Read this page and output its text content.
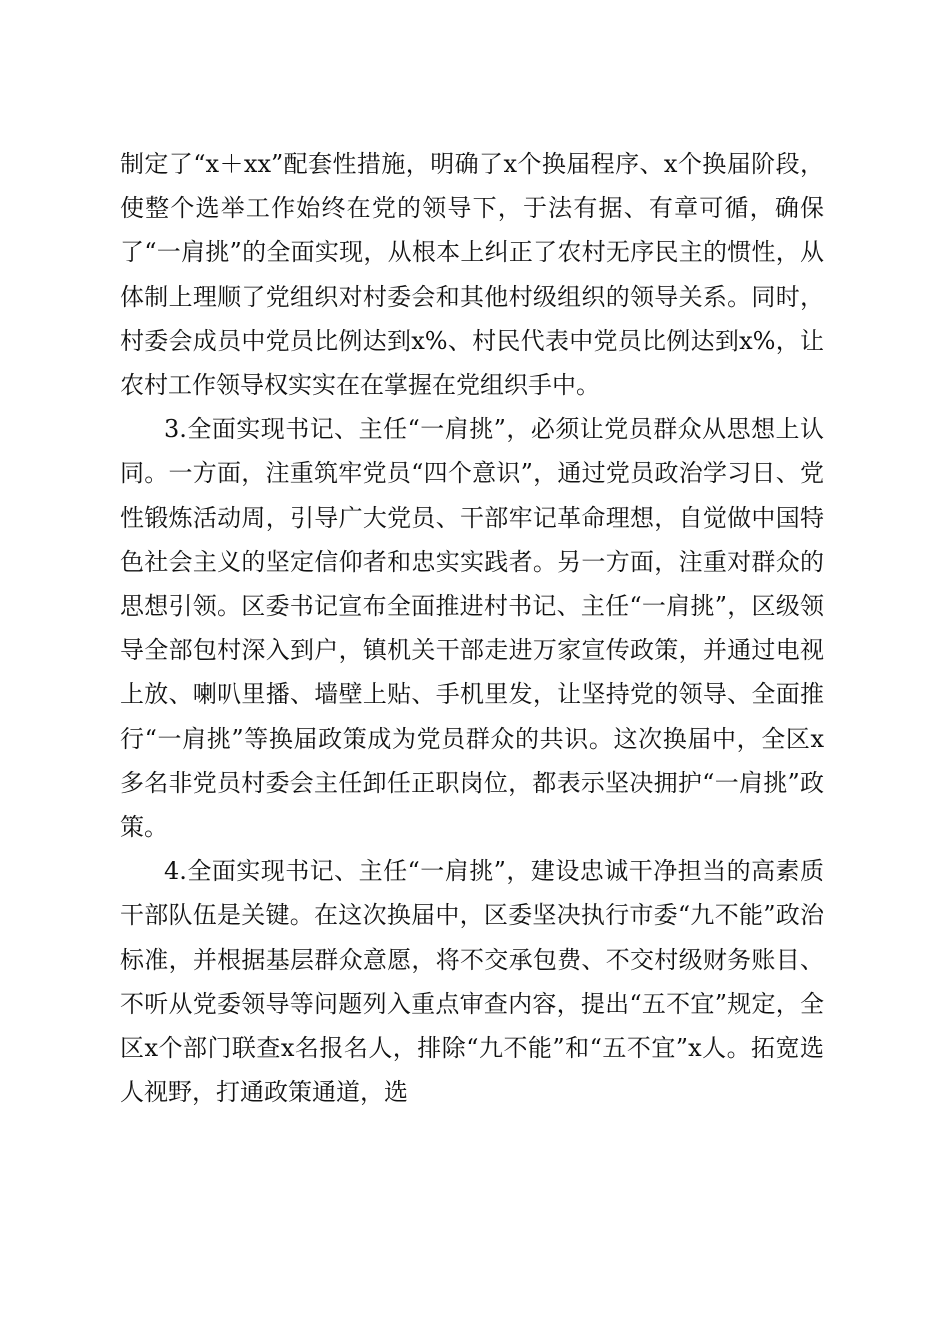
制定了“x＋xx”配套性措施，明确了x个换届程序、x个换届阶段，使整个选举工作始终在党的领导下，于法有据、有章可循，确保了“一肩挑”的全面实现，从根本上纠正了农村无序民主的惯性，从体制上理顺了党组织对村委会和其他村级组织的领导关系。同时，村委会成员中党员比例达到x%、村民代表中党员比例达到x%，让农村工作领导权实实在在掌握在党组织手中。

3.全面实现书记、主任“一肩挑”，必须让党员群众从思想上认同。一方面，注重筑牢党员“四个意识”，通过党员政治学习日、党性锻炼活动周，引导广大党员、干部牢记革命理想，自觉做中国特色社会主义的坚定信仰者和忠实实践者。另一方面，注重对群众的思想引领。区委书记宣布全面推进村书记、主任“一肩挑”，区级领导全部包村深入到户，镇机关干部走进万家宣传政策，并通过电视上放、喇叭里播、墙壁上贴、手机里发，让坚持党的领导、全面推行“一肩挑”等换届政策成为党员群众的共识。这次换届中，全区x多名非党员村委会主任卸任正职岗位，都表示坚决拥护“一肩挑”政策。

4.全面实现书记、主任“一肩挑”，建设忠诚干净担当的高素质干部队伍是关键。在这次换届中，区委坚决执行市委“九不能”政治标准，并根据基层群众意愿，将不交承包费、不交村级财务账目、不听从党委领导等问题列入重点审查内容，提出“五不宜”规定，全区x个部门联查x名报名人，排除“九不能”和“五不宜”x人。拓宽选人视野，打通政策通道，选
